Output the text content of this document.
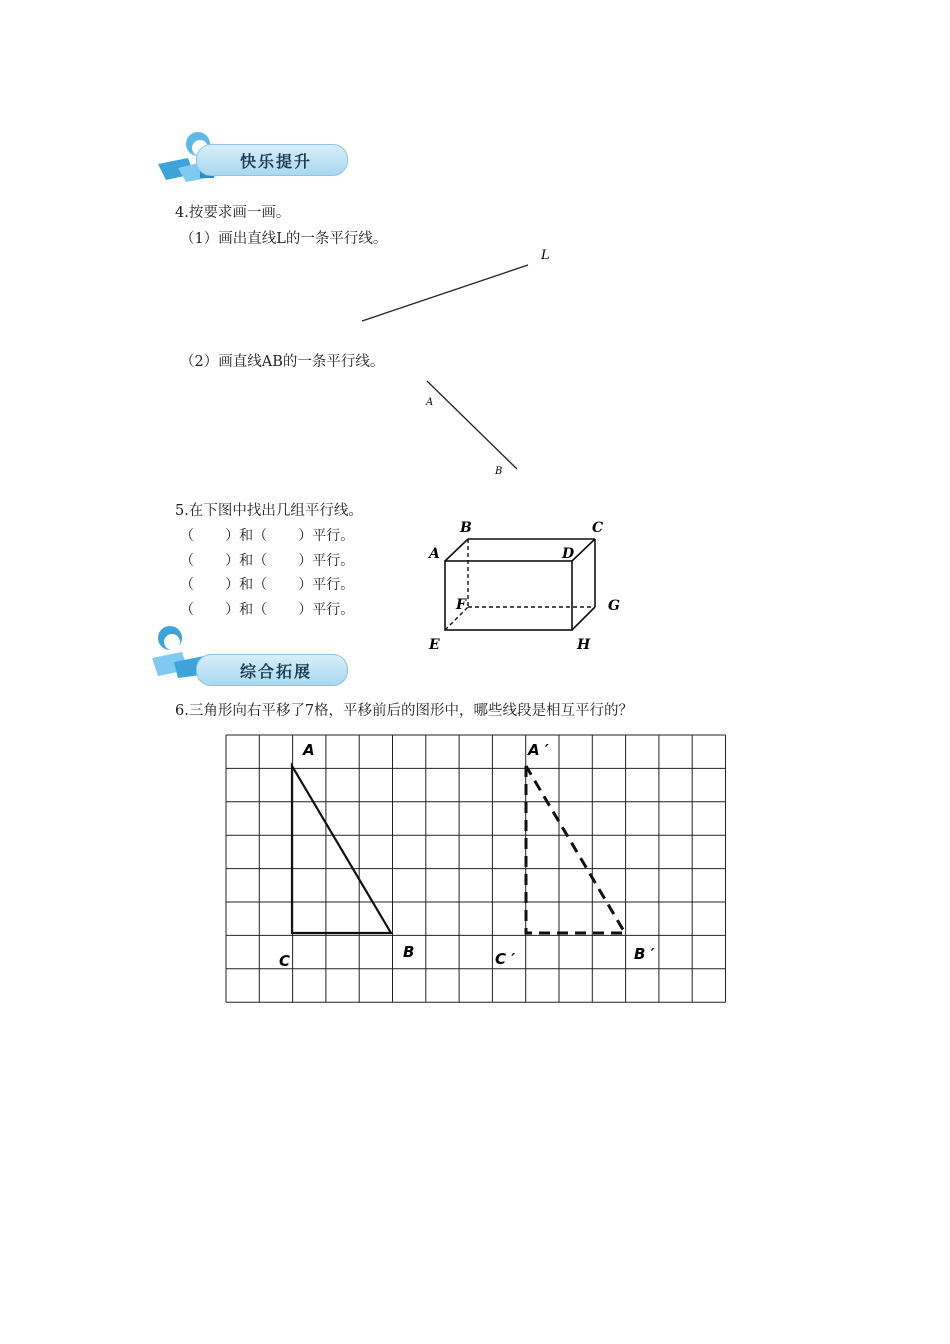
快乐提升
4.按要求画一画。
（1）画出直线L的一条平行线。
L
（2）画直线AB的一条平行线。
A
B
5.在下图中找出几组平行线。
（       ）和（       ）平行。
（       ）和（       ）平行。
（       ）和（       ）平行。
（       ）和（       ）平行。
B	C
A	D
F	G
E	H
综合拓展
6.三角形向右平移了7格，平移前后的图形中，哪些线段是相互平行的？
A
B
C
A ′
B ′
C ′
